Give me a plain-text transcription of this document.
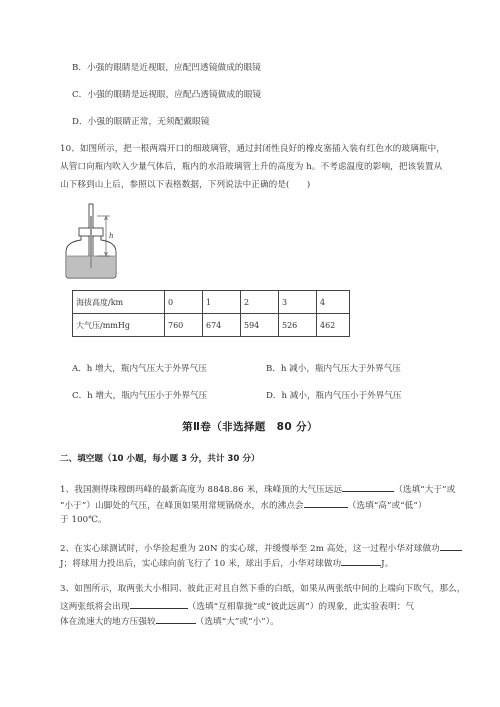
B．小强的眼睛是近视眼，应配凹透镜做成的眼镜
C．小强的眼睛是远视眼，应配凸透镜做成的眼镜
D．小强的眼睛正常，无须配戴眼镜
10、如图所示，把一根两端开口的细玻璃管，通过封闭性良好的橡皮塞插入装有红色水的玻璃瓶中，
从管口向瓶内吹入少量气体后，瓶内的水沿玻璃管上升的高度为 h。不考虑温度的影响，把该装置从
山下移到山上后，参照以下表格数据，下列说法中正确的是(　　)
h
海拔高度/km	0	1	2	3	4
大气压/mmHg	760	674	594	526	462
A．h 增大，瓶内气压大于外界气压	B．h 减小，瓶内气压大于外界气压
C．h 增大，瓶内气压小于外界气压	D．h 减小，瓶内气压小于外界气压
第Ⅱ卷（非选择题　80 分）
二、填空题（10 小题，每小题 3 分，共计 30 分）
1、我国测得珠穆朗玛峰的最新高度为 8848.86 米，珠峰顶的大气压远远	（选填“大于”或
“小于”）山脚处的气压，在峰顶如果用常规锅烧水，水的沸点会	（选填“高”或“低”）
于 100℃。
2、在实心球测试时，小华捡起重为 20N 的实心球，并缓慢举至 2m 高处，这一过程小华对球做功
J；将球用力投出后，实心球向前飞行了 10 米，球出手后，小华对球做功	J。
3、如图所示，取两张大小相同、彼此正对且自然下垂的白纸，如果从两张纸中间的上端向下吹气，那么，
这两张纸将会出现	（选填“互相靠拢”或“彼此远离”）的现象，此实验表明：气
体在流速大的地方压强较	（选填“大”或“小”）。
